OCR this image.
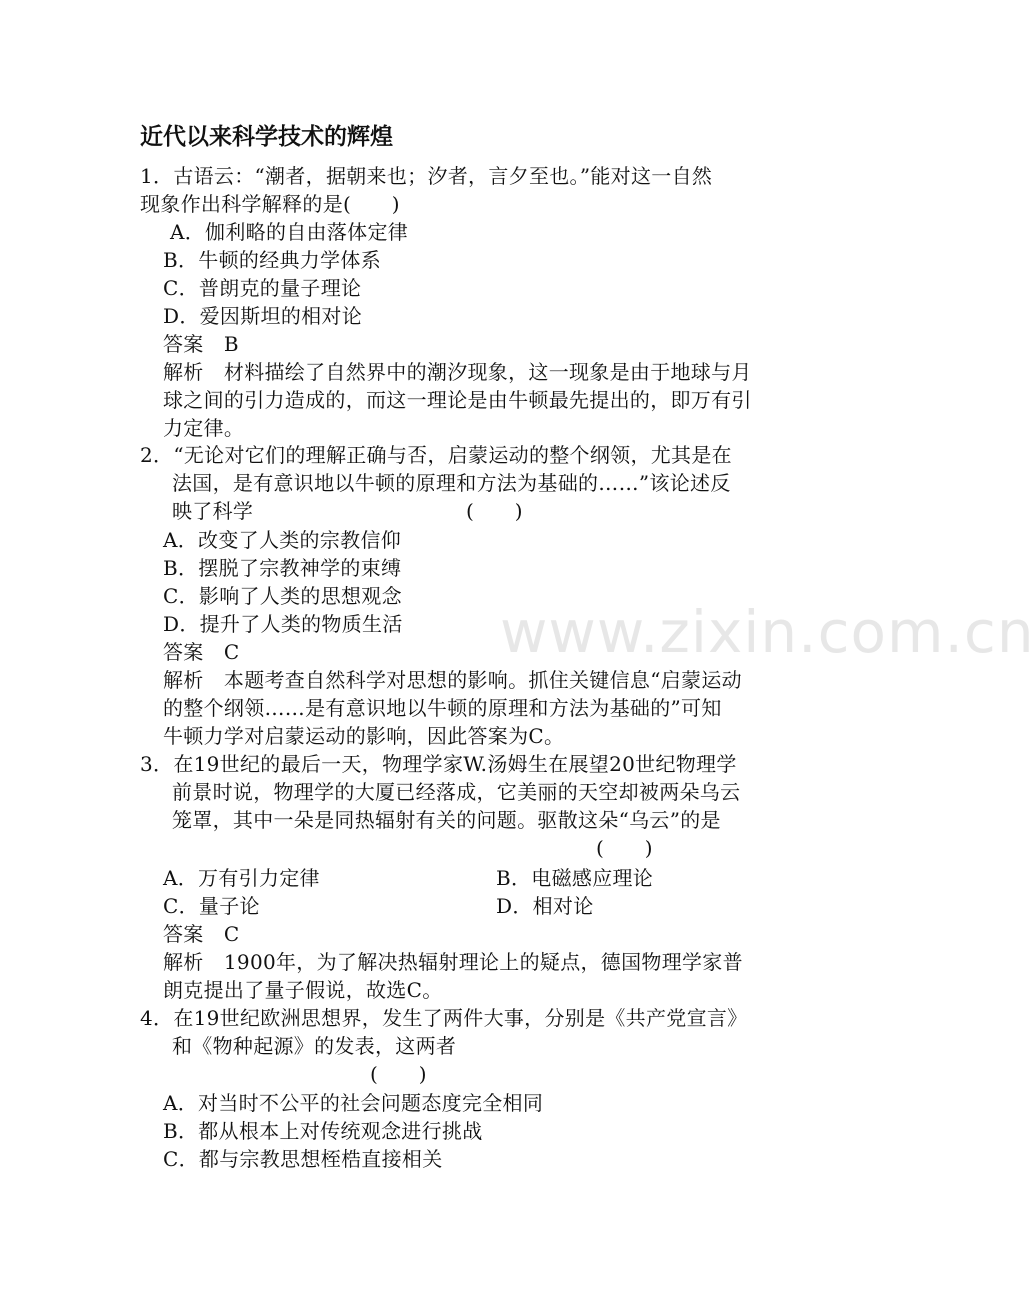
www.zixin.com.cn
近代以来科学技术的辉煌
1．古语云：“潮者，据朝来也；汐者，言夕至也。”能对这一自然
现象作出科学解释的是(　　)
A．伽利略的自由落体定律
B．牛顿的经典力学体系
C．普朗克的量子理论
D．爱因斯坦的相对论
答案　B
解析　材料描绘了自然界中的潮汐现象，这一现象是由于地球与月
球之间的引力造成的，而这一理论是由牛顿最先提出的，即万有引
力定律。
2．“无论对它们的理解正确与否，启蒙运动的整个纲领，尤其是在
法国，是有意识地以牛顿的原理和方法为基础的……”该论述反
映了科学	(　　)
A．改变了人类的宗教信仰
B．摆脱了宗教神学的束缚
C．影响了人类的思想观念
D．提升了人类的物质生活
答案　C
解析　本题考查自然科学对思想的影响。抓住关键信息“启蒙运动
的整个纲领……是有意识地以牛顿的原理和方法为基础的”可知
牛顿力学对启蒙运动的影响，因此答案为C。
3．在19世纪的最后一天，物理学家W.汤姆生在展望20世纪物理学
前景时说，物理学的大厦已经落成，它美丽的天空却被两朵乌云
笼罩，其中一朵是同热辐射有关的问题。驱散这朵“乌云”的是
(　　)
A．万有引力定律	B．电磁感应理论
C．量子论	D．相对论
答案　C
解析　1900年，为了解决热辐射理论上的疑点，德国物理学家普
朗克提出了量子假说，故选C。
4．在19世纪欧洲思想界，发生了两件大事，分别是《共产党宣言》
和《物种起源》的发表，这两者
(　　)
A．对当时不公平的社会问题态度完全相同
B．都从根本上对传统观念进行挑战
C．都与宗教思想桎梏直接相关
